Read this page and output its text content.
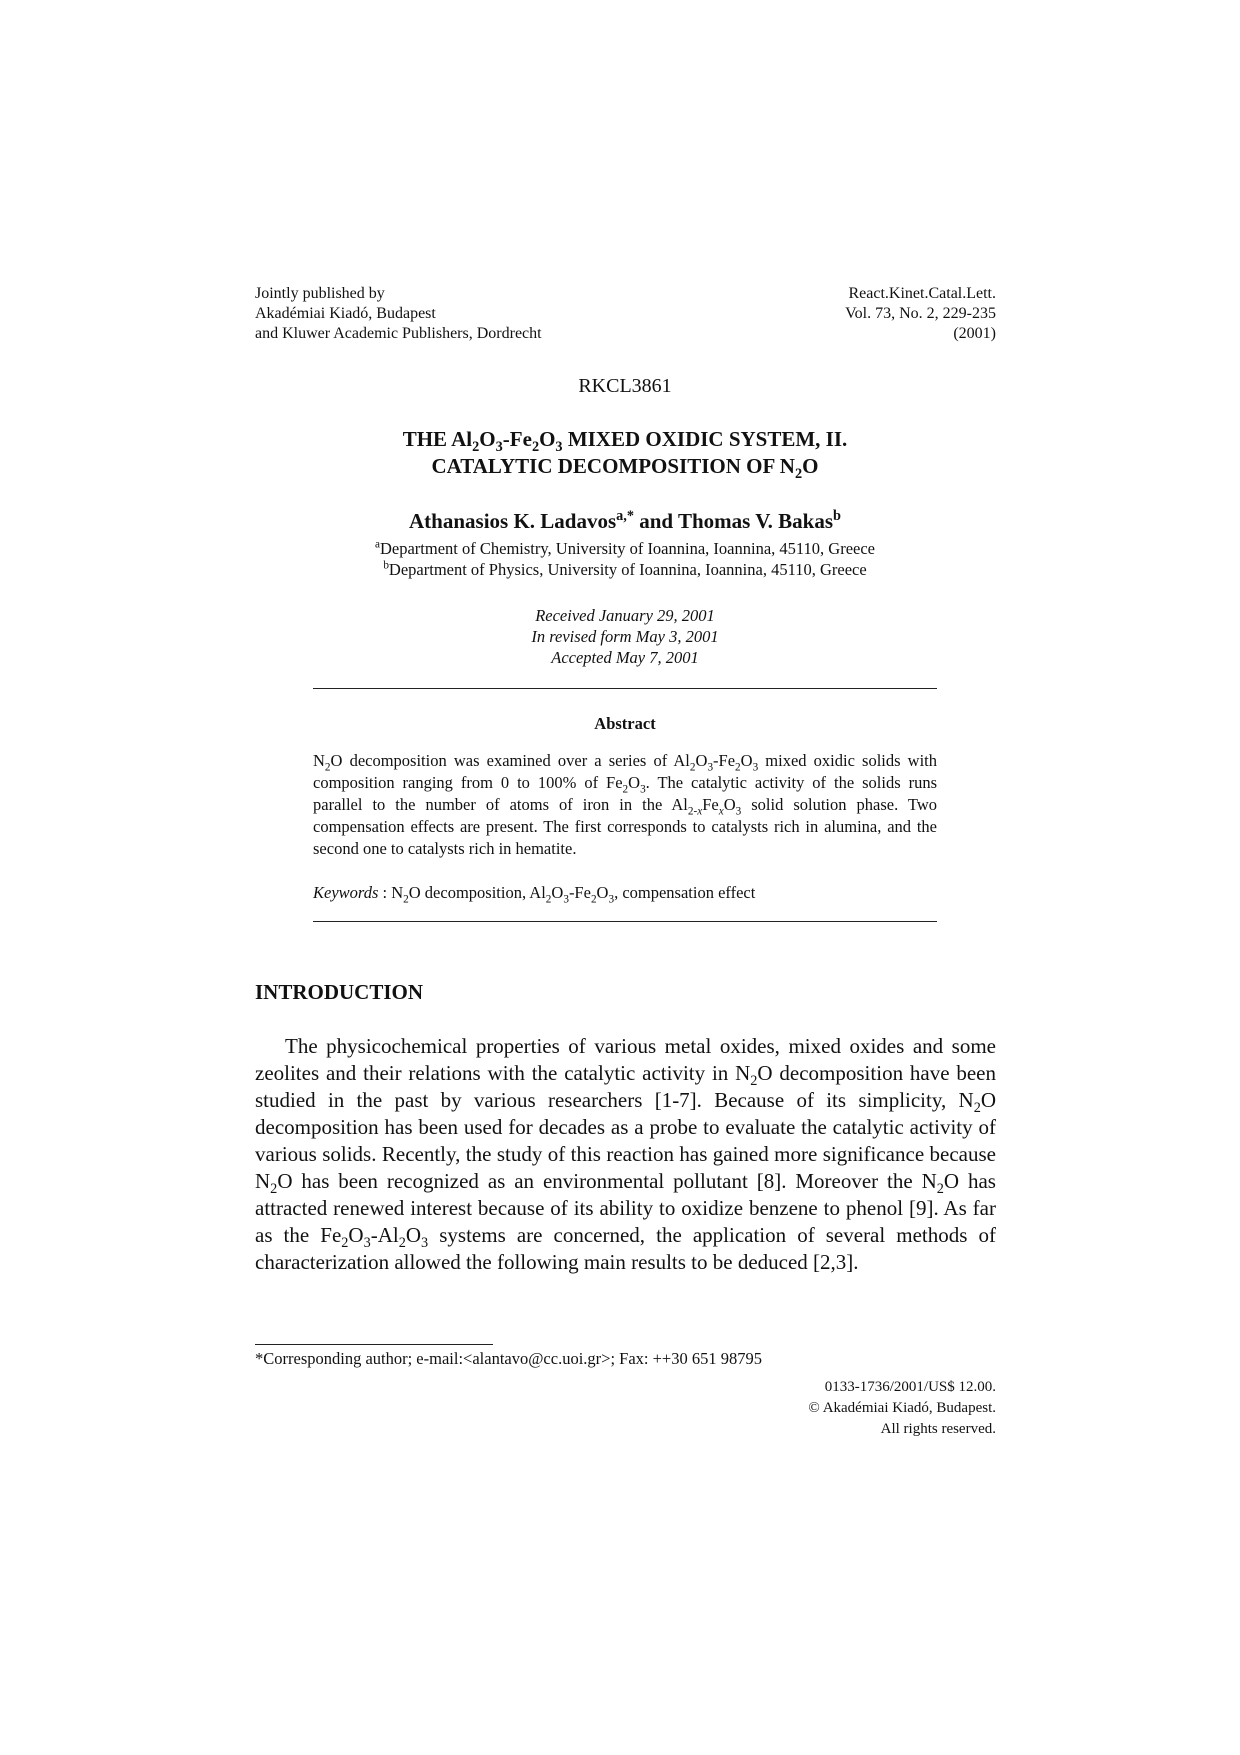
Jointly published by
Akadémiai Kiadó, Budapest
and Kluwer Academic Publishers, Dordrecht
React.Kinet.Catal.Lett.
Vol. 73, No. 2, 229-235
(2001)
RKCL3861
THE $Al_2O_3-Fe_2O_3$ MIXED OXIDIC SYSTEM, II.
CATALYTIC DECOMPOSITION OF $N_2O$
Athanasios K. Ladavos$^{a,*}$ and Thomas V. Bakas$^b$
$^a$Department of Chemistry, University of Ioannina, Ioannina, 45110, Greece
$^b$Department of Physics, University of Ioannina, Ioannina, 45110, Greece
Received January 29, 2001
In revised form May 3, 2001
Accepted May 7, 2001
Abstract
$N_2O$ decomposition was examined over a series of $Al_2O_3-Fe_2O_3$ mixed oxidic solids with composition ranging from 0 to 100% of $Fe_2O_3$. The catalytic activity of the solids runs parallel to the number of atoms of iron in the $Al_{2-x}Fe_xO_3$ solid solution phase. Two compensation effects are present. The first corresponds to catalysts rich in alumina, and the second one to catalysts rich in hematite.
Keywords : $N_2O$ decomposition, $Al_2O_3-Fe_2O_3$, compensation effect
INTRODUCTION

The physicochemical properties of various metal oxides, mixed oxides and some zeolites and their relations with the catalytic activity in $N_2O$ decomposition have been studied in the past by various researchers [1-7]. Because of its simplicity, $N_2O$ decomposition has been used for decades as a probe to evaluate the catalytic activity of various solids. Recently, the study of this reaction has gained more significance because $N_2O$ has been recognized as an environmental pollutant [8]. Moreover the $N_2O$ has attracted renewed interest because of its ability to oxidize benzene to phenol [9]. As far as the $Fe_2O_3-Al_2O_3$ systems are concerned, the application of several methods of characterization allowed the following main results to be deduced [2,3].

*Corresponding author; e-mail:<alantavo@cc.uoi.gr>; Fax: ++30 651 98795
0133-1736/2001/US$ 12.00.
© Akadémiai Kiadó, Budapest.
All rights reserved.
